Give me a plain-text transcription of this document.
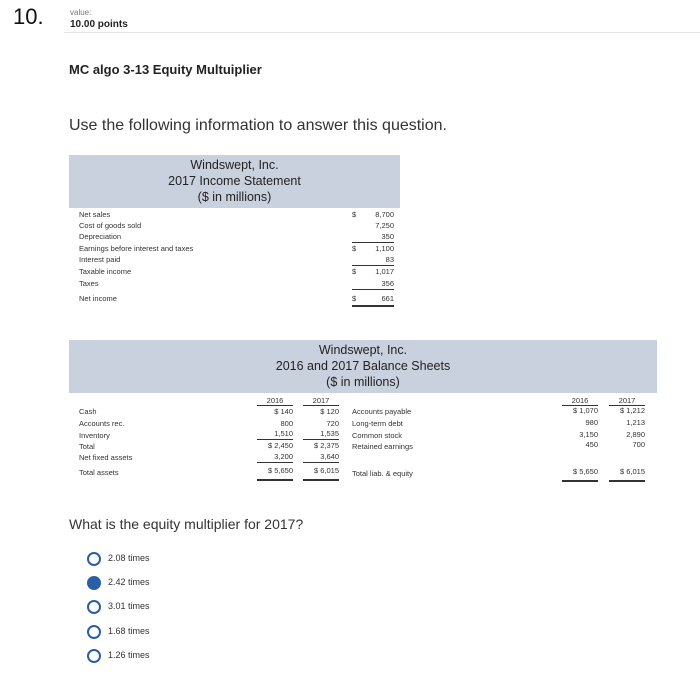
10.	value:
10.00 points
MC algo 3-13 Equity Multuiplier
Use the following information to answer this question.
Windswept, Inc.
2017 Income Statement
($ in millions)
Net sales	$	8,700
Cost of goods sold	7,250
Depreciation	350
Earnings before interest and taxes	$	1,100
Interest paid	83
Taxable income	$	1,017
Taxes	356
Net income	$	661
Windswept, Inc.
2016 and 2017 Balance Sheets
($ in millions)
2016	2017	2016	2017
Cash	$ 140	$ 120
Accounts rec.	800	720
Inventory	1,510	1,535
Total	$ 2,450	$ 2,375
Net fixed assets	3,200	3,640
Total assets	$ 5,650	$ 6,015
Accounts payable	$ 1,070	$ 1,212
Long-term debt	980	1,213
Common stock	3,150	2,890
Retained earnings	450	700
Total liab. & equity	$ 5,650	$ 6,015
What is the equity multiplier for 2017?
2.08 times
2.42 times
3.01 times
1.68 times
1.26 times
